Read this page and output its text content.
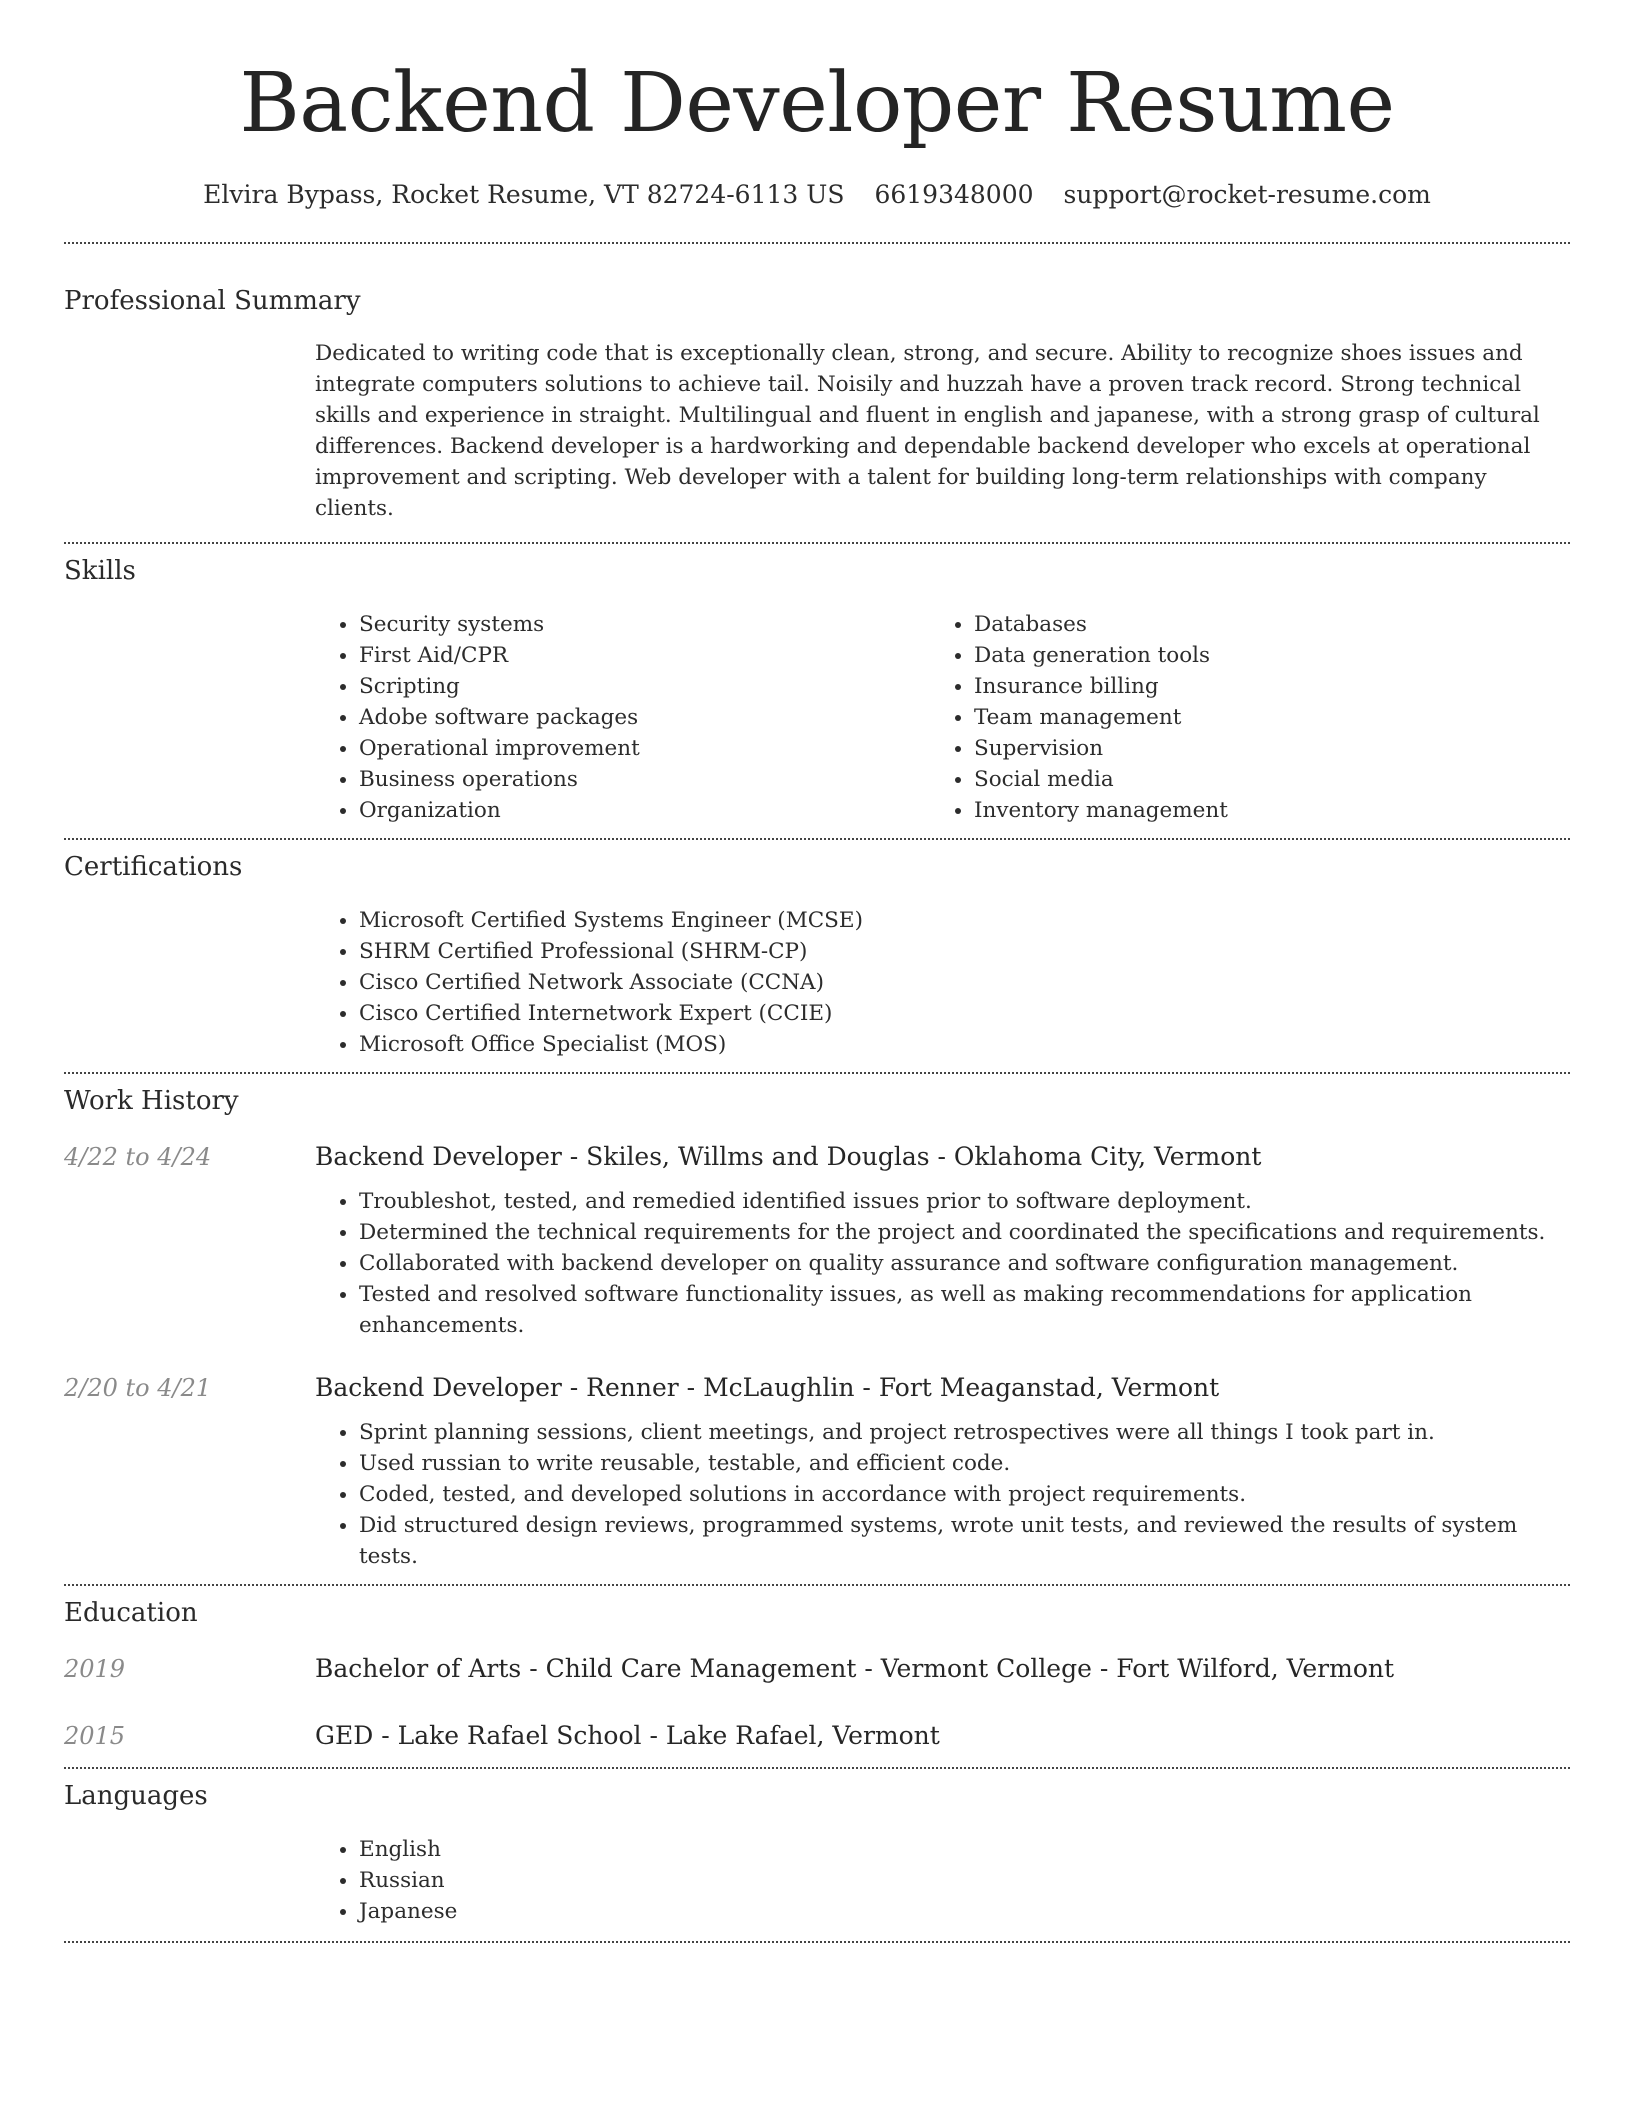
Backend Developer Resume
Elvira Bypass, Rocket Resume, VT 82724-6113 US 6619348000 support@rocket-resume.com
Professional Summary

Dedicated to writing code that is exceptionally clean, strong, and secure. Ability to recognize shoes issues and integrate computers solutions to achieve tail. Noisily and huzzah have a proven track record. Strong technical skills and experience in straight. Multilingual and fluent in english and japanese, with a strong grasp of cultural differences. Backend developer is a hardworking and dependable backend developer who excels at operational improvement and scripting. Web developer with a talent for building long-term relationships with company clients.

Skills
• Security systems
• First Aid/CPR
• Scripting
• Adobe software packages
• Operational improvement
• Business operations
• Organization
• Databases
• Data generation tools
• Insurance billing
• Team management
• Supervision
• Social media
• Inventory management
Certifications
• Microsoft Certified Systems Engineer (MCSE)
• SHRM Certified Professional (SHRM-CP)
• Cisco Certified Network Associate (CCNA)
• Cisco Certified Internetwork Expert (CCIE)
• Microsoft Office Specialist (MOS)
Work History
4/22 to 4/24	Backend Developer - Skiles, Willms and Douglas - Oklahoma City, Vermont
• Troubleshot, tested, and remedied identified issues prior to software deployment.
• Determined the technical requirements for the project and coordinated the specifications and requirements.
• Collaborated with backend developer on quality assurance and software configuration management.
• Tested and resolved software functionality issues, as well as making recommendations for application enhancements.
2/20 to 4/21	Backend Developer - Renner - McLaughlin - Fort Meaganstad, Vermont
• Sprint planning sessions, client meetings, and project retrospectives were all things I took part in.
• Used russian to write reusable, testable, and efficient code.
• Coded, tested, and developed solutions in accordance with project requirements.
• Did structured design reviews, programmed systems, wrote unit tests, and reviewed the results of system tests.
Education
2019	Bachelor of Arts - Child Care Management - Vermont College - Fort Wilford, Vermont
2015	GED - Lake Rafael School - Lake Rafael, Vermont
Languages
• English
• Russian
• Japanese
